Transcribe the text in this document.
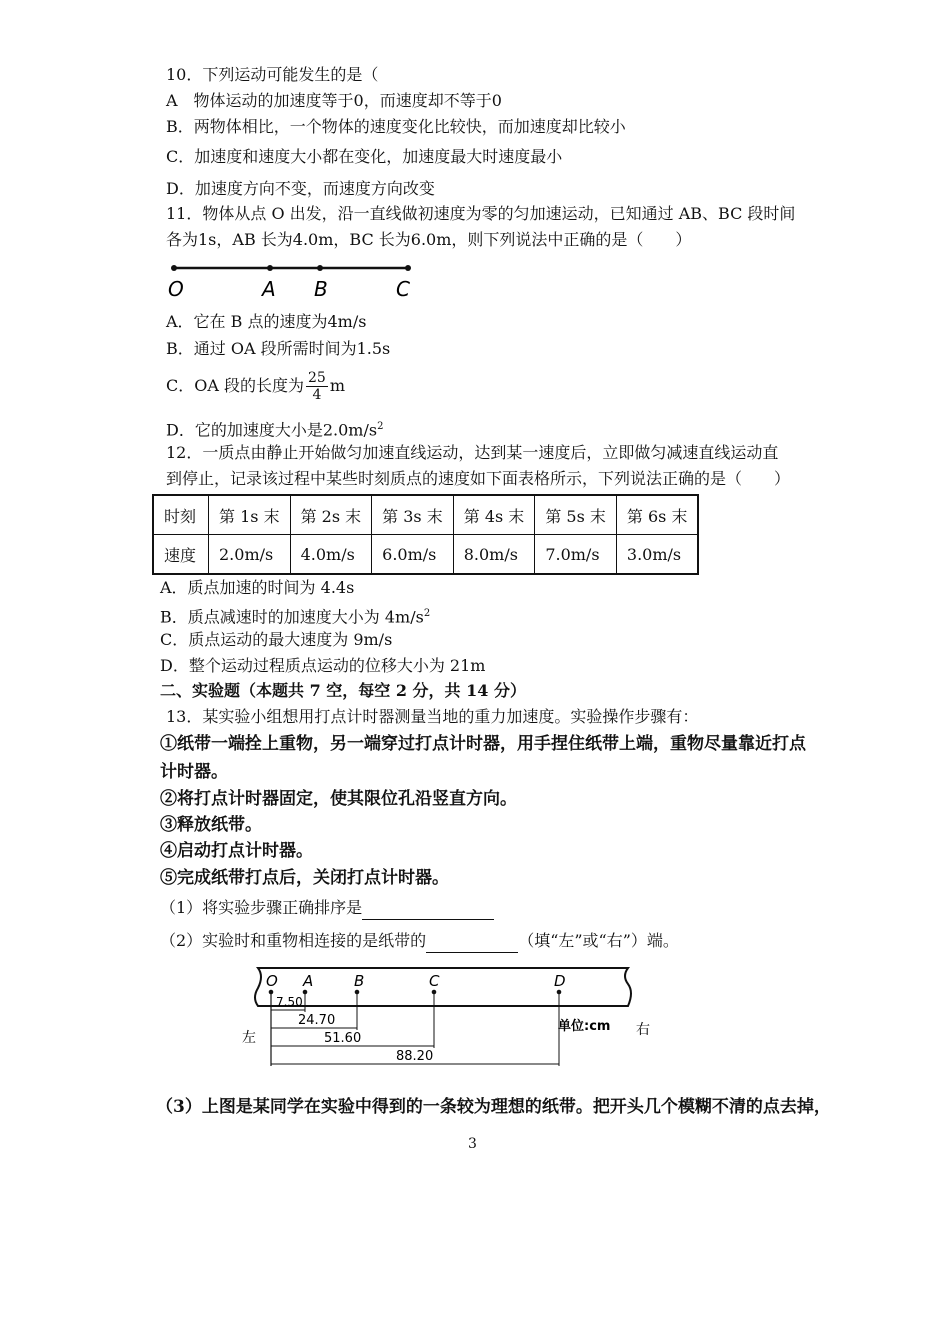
10．下列运动可能发生的是（
A　物体运动的加速度等于0，而速度却不等于0
B．两物体相比，一个物体的速度变化比较快，而加速度却比较小
C．加速度和速度大小都在变化，加速度最大时速度最小
D．加速度方向不变，而速度方向改变
11．物体从点 O 出发，沿一直线做初速度为零的匀加速运动，已知通过 AB、BC 段时间
各为1s，AB 长为4.0m，BC 长为6.0m，则下列说法中正确的是（　　）
O	A B	C
A．它在 B 点的速度为4m/s
B．通过 OA 段所需时间为1.5s
C．OA 段的长度为 $\frac{25}{4}$ m
D．它的加速度大小是$2.0m/s^2$
12．一质点由静止开始做匀加速直线运动，达到某一速度后，立即做匀减速直线运动直
到停止，记录该过程中某些时刻质点的速度如下面表格所示，下列说法正确的是（　　）
时刻	第 1s 末	第 2s 末	第 3s 末	第 4s 末	第 5s 末	第 6s 末
速度	2.0m/s	4.0m/s	6.0m/s	8.0m/s	7.0m/s	3.0m/s
A．质点加速的时间为 4.4s
B．质点减速时的加速度大小为 $4m/s^2$
C．质点运动的最大速度为 9m/s
D．整个运动过程质点运动的位移大小为 21m
二、实验题（本题共 7 空，每空 2 分，共 14 分）
13．某实验小组想用打点计时器测量当地的重力加速度。实验操作步骤有：
①纸带一端拴上重物，另一端穿过打点计时器，用手捏住纸带上端，重物尽量靠近打点
计时器。
②将打点计时器固定，使其限位孔沿竖直方向。
③释放纸带。
④启动打点计时器。
⑤完成纸带打点后，关闭打点计时器。
（1）将实验步骤正确排序是
（2）实验时和重物相连接的是纸带的	（填“左”或“右”）端。
O A	B	C	D
7.50
24.70
51.60
88.20
单位:cm
左	右
（3）上图是某同学在实验中得到的一条较为理想的纸带。把开头几个模糊不清的点去掉，
3
